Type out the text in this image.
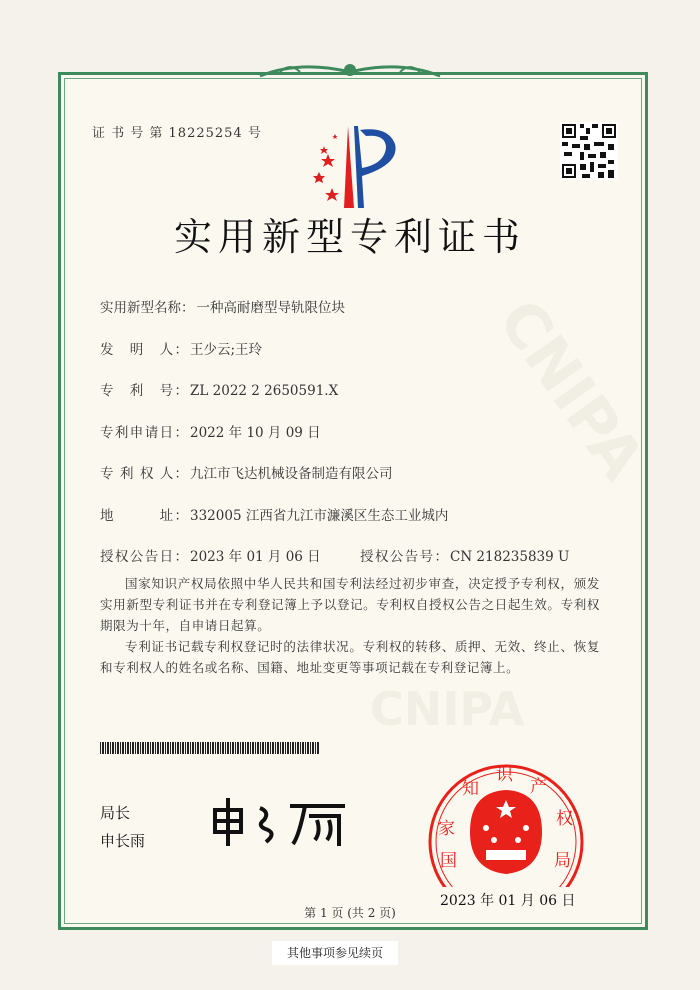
CNIPA
CNIPA
证 书 号 第 18225254 号
实用新型专利证书
实用新型名称： 一种高耐磨型导轨限位块
发　明　人： 王少云;王玲
专　利　号： ZL 2022 2 2650591.X
专利申请日： 2022 年 10 月 09 日
专 利 权 人： 九江市飞达机械设备制造有限公司
地　　　址： 332005 江西省九江市濂溪区生态工业城内
授权公告日： 2023 年 01 月 06 日	授权公告号： CN 218235839 U
国家知识产权局依照中华人民共和国专利法经过初步审查，决定授予专利权，颁发实用新型专利证书并在专利登记簿上予以登记。专利权自授权公告之日起生效。专利权期限为十年，自申请日起算。
专利证书记载专利权登记时的法律状况。专利权的转移、质押、无效、终止、恢复和专利权人的姓名或名称、国籍、地址变更等事项记载在专利登记簿上。
局长
申长雨
家
知
识
产
权
国	局
2023 年 01 月 06 日
第 1 页 (共 2 页)
其他事项参见续页
